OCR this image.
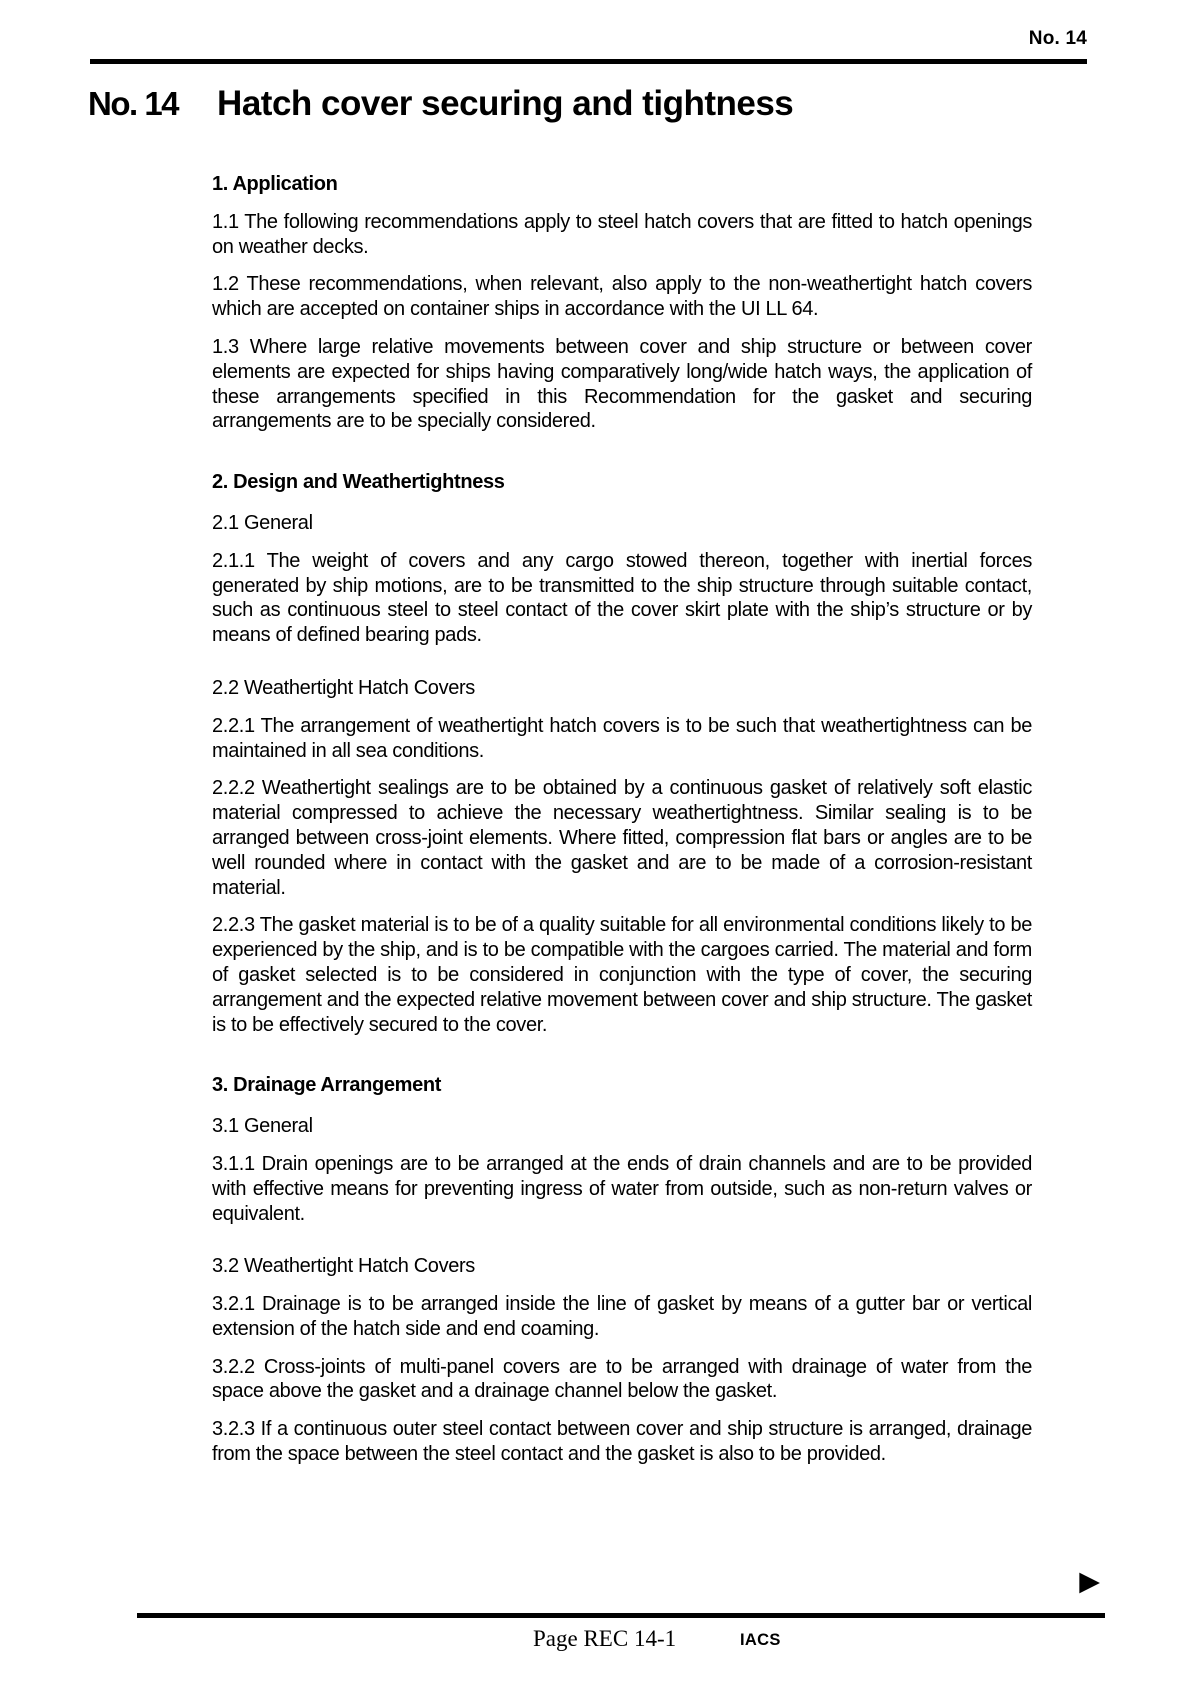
No. 14
No. 14 Hatch cover securing and tightness
1. Application

1.1 The following recommendations apply to steel hatch covers that are fitted to hatch openings on weather decks.

1.2 These recommendations, when relevant, also apply to the non-weathertight hatch covers which are accepted on container ships in accordance with the UI LL 64.

1.3 Where large relative movements between cover and ship structure or between cover elements are expected for ships having comparatively long/wide hatch ways, the application of these arrangements specified in this Recommendation for the gasket and securing arrangements are to be specially considered.

2. Design and Weathertightness
2.1 General

2.1.1 The weight of covers and any cargo stowed thereon, together with inertial forces generated by ship motions, are to be transmitted to the ship structure through suitable contact, such as continuous steel to steel contact of the cover skirt plate with the ship’s structure or by means of defined bearing pads.

2.2 Weathertight Hatch Covers

2.2.1 The arrangement of weathertight hatch covers is to be such that weathertightness can be maintained in all sea conditions.

2.2.2 Weathertight sealings are to be obtained by a continuous gasket of relatively soft elastic material compressed to achieve the necessary weathertightness. Similar sealing is to be arranged between cross-joint elements. Where fitted, compression flat bars or angles are to be well rounded where in contact with the gasket and are to be made of a corrosion-resistant material.

2.2.3 The gasket material is to be of a quality suitable for all environmental conditions likely to be experienced by the ship, and is to be compatible with the cargoes carried. The material and form of gasket selected is to be considered in conjunction with the type of cover, the securing arrangement and the expected relative movement between cover and ship structure. The gasket is to be effectively secured to the cover.

3. Drainage Arrangement
3.1 General

3.1.1 Drain openings are to be arranged at the ends of drain channels and are to be provided with effective means for preventing ingress of water from outside, such as non-return valves or equivalent.

3.2 Weathertight Hatch Covers

3.2.1 Drainage is to be arranged inside the line of gasket by means of a gutter bar or vertical extension of the hatch side and end coaming.

3.2.2 Cross-joints of multi-panel covers are to be arranged with drainage of water from the space above the gasket and a drainage channel below the gasket.

3.2.3 If a continuous outer steel contact between cover and ship structure is arranged, drainage from the space between the steel contact and the gasket is also to be provided.

▶
Page REC 14-1	IACS
